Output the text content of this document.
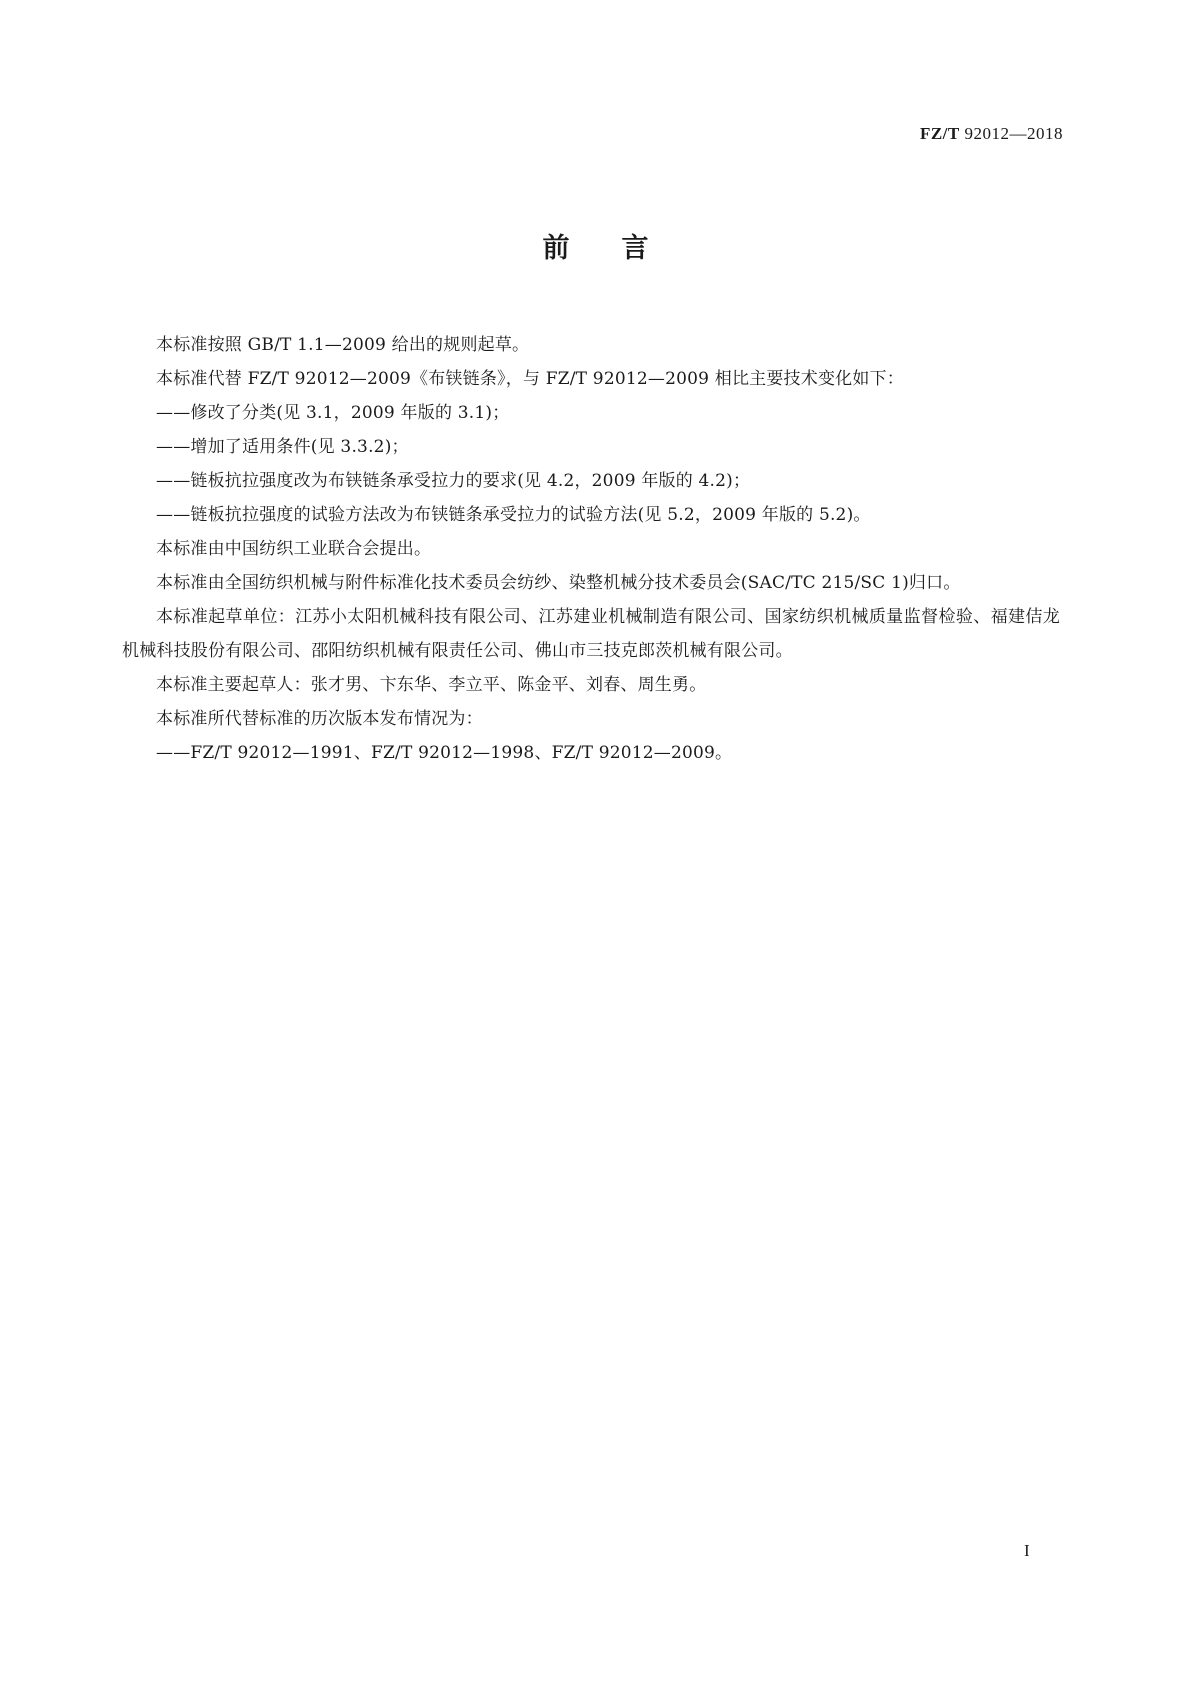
FZ/T 92012—2018
前言

本标准按照 GB/T 1.1—2009 给出的规则起草。

本标准代替 FZ/T 92012—2009《布铗链条》，与 FZ/T 92012—2009 相比主要技术变化如下：

——修改了分类(见 3.1，2009 年版的 3.1)；

——增加了适用条件(见 3.3.2)；

——链板抗拉强度改为布铗链条承受拉力的要求(见 4.2，2009 年版的 4.2)；

——链板抗拉强度的试验方法改为布铗链条承受拉力的试验方法(见 5.2，2009 年版的 5.2)。

本标准由中国纺织工业联合会提出。

本标准由全国纺织机械与附件标准化技术委员会纺纱、染整机械分技术委员会(SAC/TC 215/SC 1)归口。

本标准起草单位：江苏小太阳机械科技有限公司、江苏建业机械制造有限公司、国家纺织机械质量监督检验、福建佶龙机械科技股份有限公司、邵阳纺织机械有限责任公司、佛山市三技克郎茨机械有限公司。

本标准主要起草人：张才男、卞东华、李立平、陈金平、刘春、周生勇。

本标准所代替标准的历次版本发布情况为：

——FZ/T 92012—1991、FZ/T 92012—1998、FZ/T 92012—2009。

I
